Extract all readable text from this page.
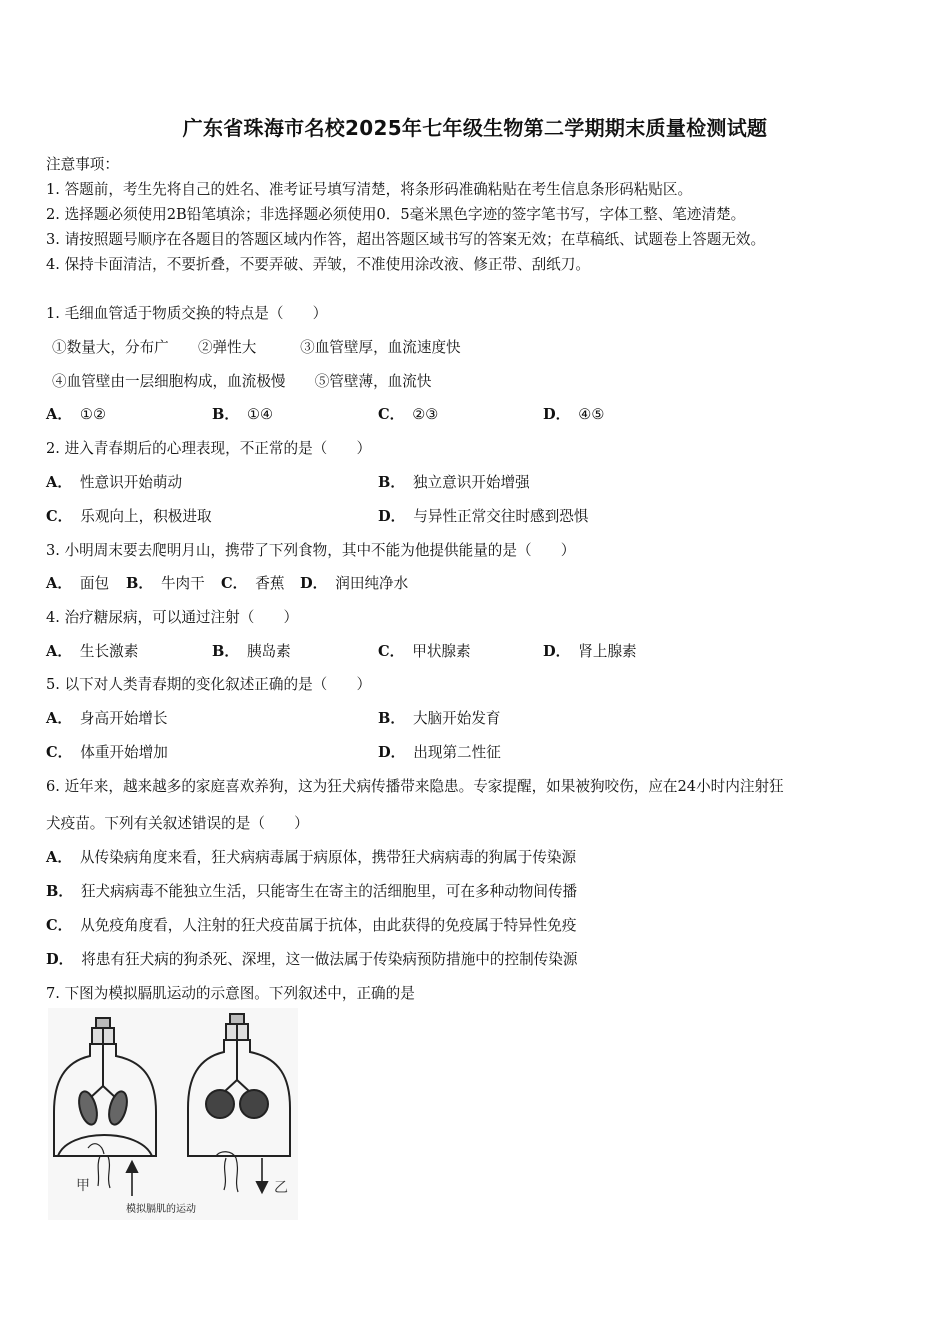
广东省珠海市名校2025年七年级生物第二学期期末质量检测试题
注意事项：
1. 答题前，考生先将自己的姓名、准考证号填写清楚，将条形码准确粘贴在考生信息条形码粘贴区。
2. 选择题必须使用2B铅笔填涂；非选择题必须使用0．5毫米黑色字迹的签字笔书写，字体工整、笔迹清楚。
3. 请按照题号顺序在各题目的答题区域内作答，超出答题区域书写的答案无效；在草稿纸、试题卷上答题无效。
4. 保持卡面清洁，不要折叠，不要弄破、弄皱，不准使用涂改液、修正带、刮纸刀。
1. 毛细血管适于物质交换的特点是（　　）
①数量大，分布广　　②弹性大　　　③血管壁厚，血流速度快
④血管壁由一层细胞构成，血流极慢　　⑤管壁薄，血流快
A． ①②	B． ①④	C． ②③	D． ④⑤
2. 进入青春期后的心理表现，不正常的是（　　）
A． 性意识开始萌动	B． 独立意识开始增强
C． 乐观向上，积极进取	D． 与异性正常交往时感到恐惧
3. 小明周末要去爬明月山，携带了下列食物，其中不能为他提供能量的是（　　）
A． 面包 B． 牛肉干 C． 香蕉 D． 润田纯净水
4. 治疗糖尿病，可以通过注射（　　）
A． 生长激素	B． 胰岛素	C． 甲状腺素	D． 肾上腺素
5. 以下对人类青春期的变化叙述正确的是（　　）
A． 身高开始增长	B． 大脑开始发育
C． 体重开始增加	D． 出现第二性征
6. 近年来，越来越多的家庭喜欢养狗，这为狂犬病传播带来隐患。专家提醒，如果被狗咬伤，应在24小时内注射狂
犬疫苗。下列有关叙述错误的是（　　）
A． 从传染病角度来看，狂犬病病毒属于病原体，携带狂犬病病毒的狗属于传染源
B． 狂犬病病毒不能独立生活，只能寄生在寄主的活细胞里，可在多种动物间传播
C． 从免疫角度看，人注射的狂犬疫苗属于抗体，由此获得的免疫属于特异性免疫
D． 将患有狂犬病的狗杀死、深埋，这一做法属于传染病预防措施中的控制传染源
7. 下图为模拟膈肌运动的示意图。下列叙述中，正确的是
甲	乙
模拟膈肌的运动
